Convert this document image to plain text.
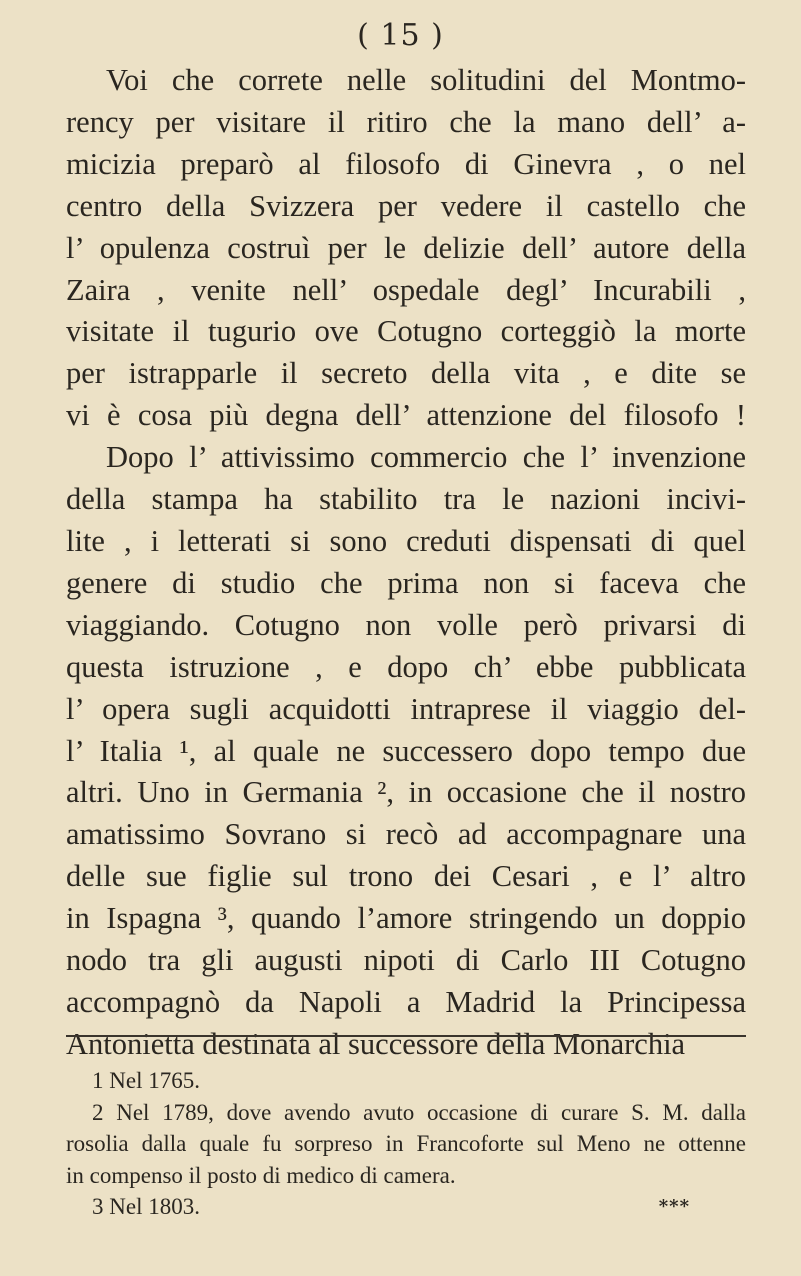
( 15 )
Voi che correte nelle solitudini del Montmo-
rency per visitare il ritiro che la mano dell’ a-
micizia preparò al filosofo di Ginevra , o nel
centro della Svizzera per vedere il castello che
l’ opulenza costruì per le delizie dell’ autore della
Zaira , venite nell’ ospedale degl’ Incurabili ,
visitate il tugurio ove Cotugno corteggiò la morte
per istrapparle il secreto della vita , e dite se
vi è cosa più degna dell’ attenzione del filosofo !
Dopo l’ attivissimo commercio che l’ invenzione
della stampa ha stabilito tra le nazioni incivi-
lite , i letterati si sono creduti dispensati di quel
genere di studio che prima non si faceva che
viaggiando. Cotugno non volle però privarsi di
questa istruzione , e dopo ch’ ebbe pubblicata
l’ opera sugli acquidotti intraprese il viaggio del-
l’ Italia ¹, al quale ne successero dopo tempo due
altri. Uno in Germania ², in occasione che il nostro
amatissimo Sovrano si recò ad accompagnare una
delle sue figlie sul trono dei Cesari , e l’ altro
in Ispagna ³, quando l’amore stringendo un doppio
nodo tra gli augusti nipoti di Carlo III Cotugno
accompagnò da Napoli a Madrid la Principessa
Antonietta destinata al successore della Monarchia
1 Nel 1765.
2 Nel 1789, dove avendo avuto occasione di curare S. M. dalla
rosolia dalla quale fu sorpreso in Francoforte sul Meno ne ottenne
in compenso il posto di medico di camera.
3 Nel 1803.	***
